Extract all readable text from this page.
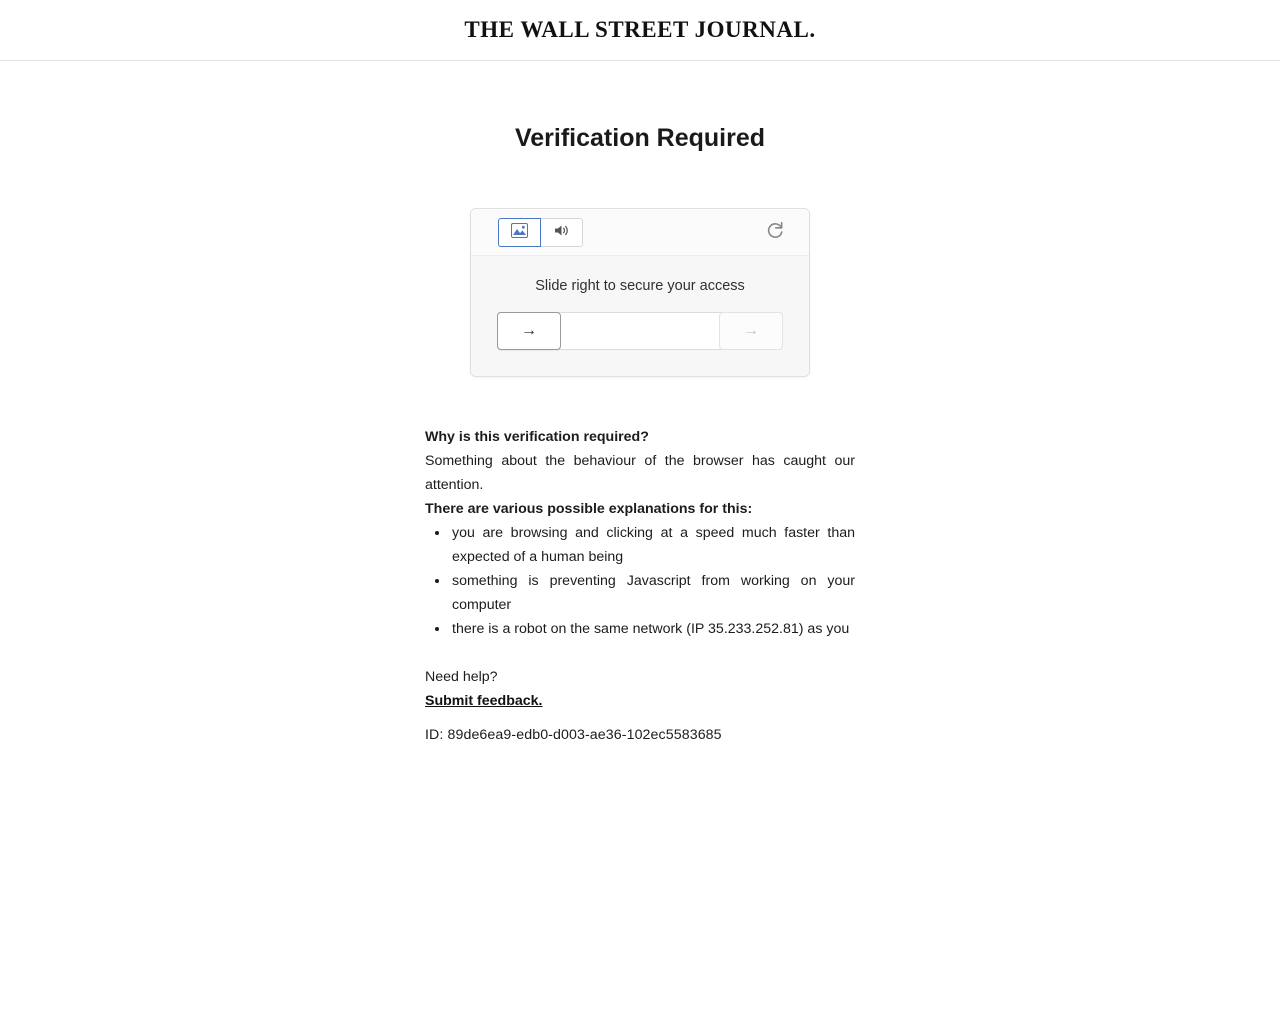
THE WALL STREET JOURNAL.
Verification Required
Slide right to secure your access
→	→
Why is this verification required?

Something about the behaviour of the browser has caught our attention.

There are various possible explanations for this:
• you are browsing and clicking at a speed much faster than expected of a human being
• something is preventing Javascript from working on your computer
• there is a robot on the same network (IP 35.233.252.81) as you
Need help?
Submit feedback.
ID: 89de6ea9-edb0-d003-ae36-102ec5583685
